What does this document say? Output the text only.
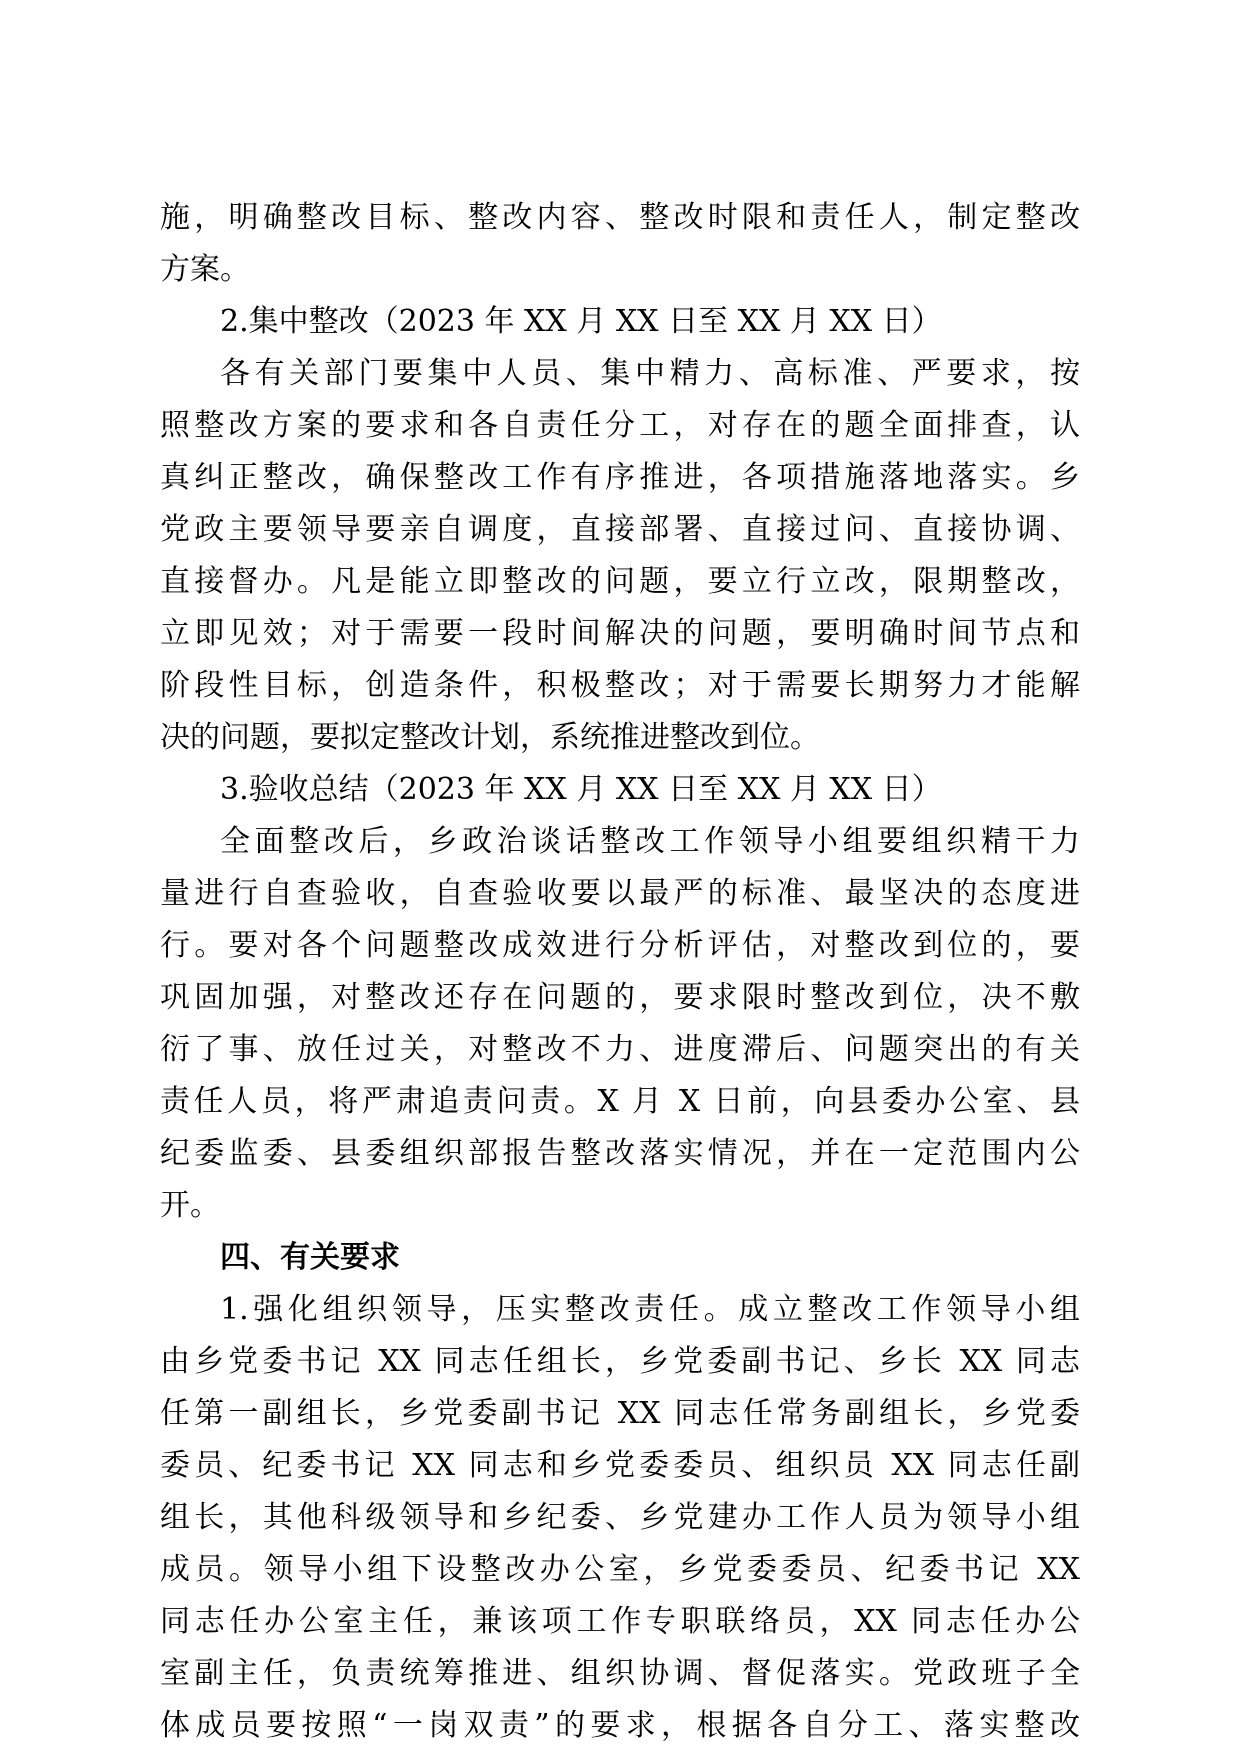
施，明确整改目标、整改内容、整改时限和责任人，制定整改
方案。
2.集中整改（2023 年 XX 月 XX 日至 XX 月 XX 日）
各有关部门要集中人员、集中精力、高标准、严要求，按
照整改方案的要求和各自责任分工，对存在的题全面排查，认
真纠正整改，确保整改工作有序推进，各项措施落地落实。乡
党政主要领导要亲自调度，直接部署、直接过问、直接协调、
直接督办。凡是能立即整改的问题，要立行立改，限期整改，
立即见效；对于需要一段时间解决的问题，要明确时间节点和
阶段性目标，创造条件，积极整改；对于需要长期努力才能解
决的问题，要拟定整改计划，系统推进整改到位。
3.验收总结（2023 年 XX 月 XX 日至 XX 月 XX 日）
全面整改后，乡政治谈话整改工作领导小组要组织精干力
量进行自查验收，自查验收要以最严的标准、最坚决的态度进
行。要对各个问题整改成效进行分析评估，对整改到位的，要
巩固加强，对整改还存在问题的，要求限时整改到位，决不敷
衍了事、放任过关，对整改不力、进度滞后、问题突出的有关
责任人员，将严肃追责问责。X 月 X 日前，向县委办公室、县
纪委监委、县委组织部报告整改落实情况，并在一定范围内公
开。
四、有关要求
1.强化组织领导，压实整改责任。成立整改工作领导小组
由乡党委书记 XX 同志任组长，乡党委副书记、乡长 XX 同志
任第一副组长，乡党委副书记 XX 同志任常务副组长，乡党委
委员、纪委书记 XX 同志和乡党委委员、组织员 XX 同志任副
组长，其他科级领导和乡纪委、乡党建办工作人员为领导小组
成员。领导小组下设整改办公室，乡党委委员、纪委书记 XX
同志任办公室主任，兼该项工作专职联络员，XX 同志任办公
室副主任，负责统筹推进、组织协调、督促落实。党政班子全
体成员要按照“一岗双责”的要求，根据各自分工、落实整改
